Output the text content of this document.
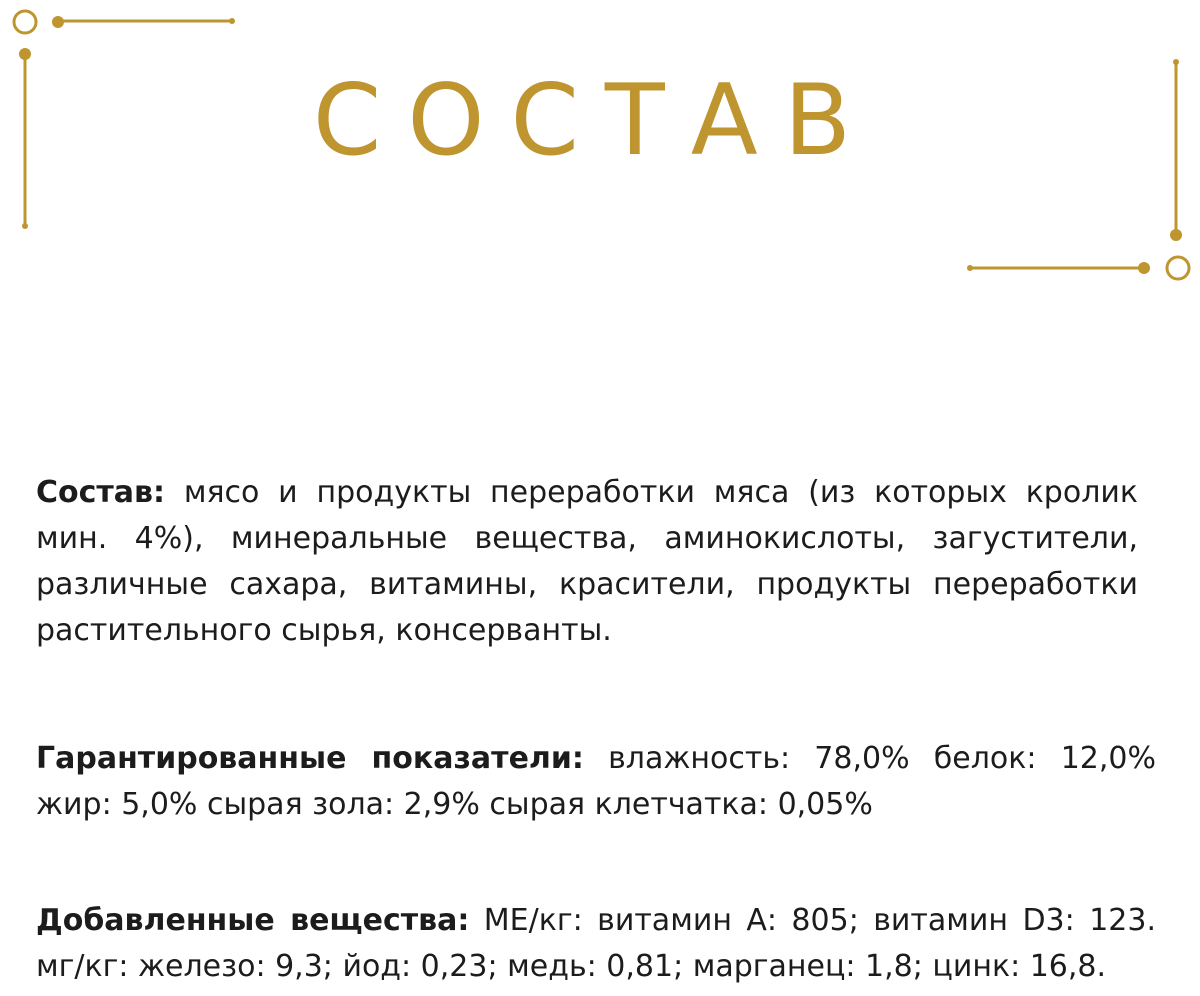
СОСТАВ

Состав: мясо и продукты переработки мяса (из которых кролик мин. 4%), минеральные вещества, аминокислоты, загустители, различные сахара, витамины, красители, продукты переработки растительного сырья, консерванты.

Гарантированные показатели: влажность: 78,0% белок: 12,0% жир: 5,0% сырая зола: 2,9% сырая клетчатка: 0,05%

Добавленные вещества: МЕ/кг: витамин А: 805; витамин D3: 123. мг/кг: железо: 9,3; йод: 0,23; медь: 0,81; марганец: 1,8; цинк: 16,8.
